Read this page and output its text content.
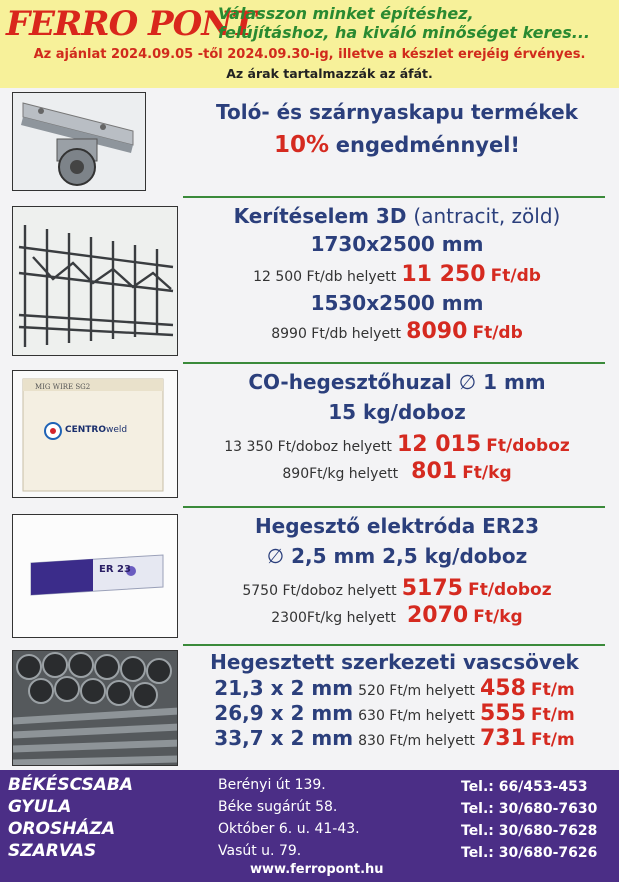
FERRO PONT
Válasszon minket építéshez,
felújításhoz, ha kiváló minőséget keres...
Az ajánlat 2024.09.05 -től 2024.09.30-ig, illetve a készlet erejéig érvényes.
Az árak tartalmazzák az áfát.
Toló- és szárnyaskapu termékek
10% engedménnyel!
Kerítéselem 3D (antracit, zöld)
1730x2500 mm
12 500 Ft/db helyett 11 250 Ft/db
1530x2500 mm
8990 Ft/db helyett 8090 Ft/db
MIG WIRE SG2
CENTROweld
CO-hegesztőhuzal ∅ 1 mm
15 kg/doboz
13 350 Ft/doboz helyett 12 015 Ft/doboz
890Ft/kg helyett 801 Ft/kg
ER 23
Hegesztő elektróda ER23
∅ 2,5 mm 2,5 kg/doboz
5750 Ft/doboz helyett 5175 Ft/doboz
2300Ft/kg helyett 2070 Ft/kg
Hegesztett szerkezeti vascsövek
21,3 x 2 mm 520 Ft/m helyett 458 Ft/m
26,9 x 2 mm 630 Ft/m helyett 555 Ft/m
33,7 x 2 mm 830 Ft/m helyett 731 Ft/m
BÉKÉSCSABA
GYULA
OROSHÁZA
SZARVAS
Berényi út 139.
Béke sugárút 58.
Október 6. u. 41-43.
Vasút u. 79.
Tel.: 66/453-453
Tel.: 30/680-7630
Tel.: 30/680-7628
Tel.: 30/680-7626
www.ferropont.hu
